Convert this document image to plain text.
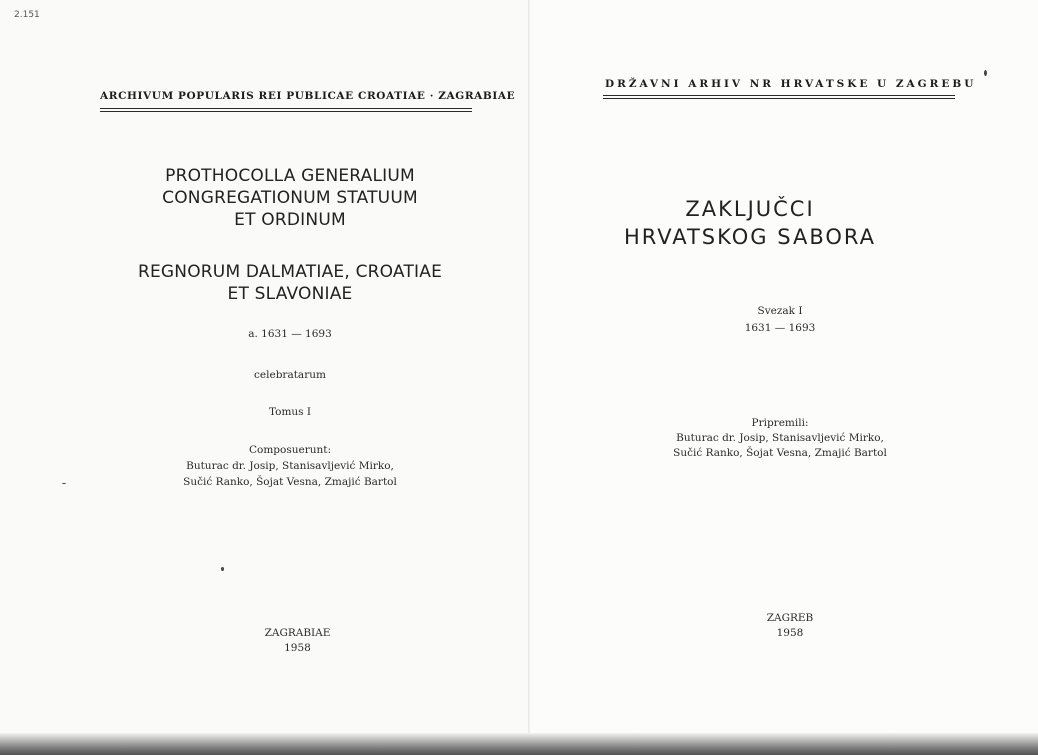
2.151
ARCHIVUM POPULARIS REI PUBLICAE CROATIAE · ZAGRABIAE
PROTHOCOLLA GENERALIUM
CONGREGATIONUM STATUUM
ET ORDINUM
REGNORUM DALMATIAE, CROATIAE
ET SLAVONIAE
a. 1631 — 1693
celebratarum
Tomus I
Composuerunt:
Buturac dr. Josip, Stanisavljević Mirko,
Sučić Ranko, Šojat Vesna, Zmajić Bartol
ZAGRABIAE
1958
DRŽAVNI ARHIV NR HRVATSKE U ZAGREBU
ZAKLJUČCI
HRVATSKOG SABORA
Svezak I
1631 — 1693
Pripremili:
Buturac dr. Josip, Stanisavljević Mirko,
Sučić Ranko, Šojat Vesna, Zmajić Bartol
ZAGREB
1958
